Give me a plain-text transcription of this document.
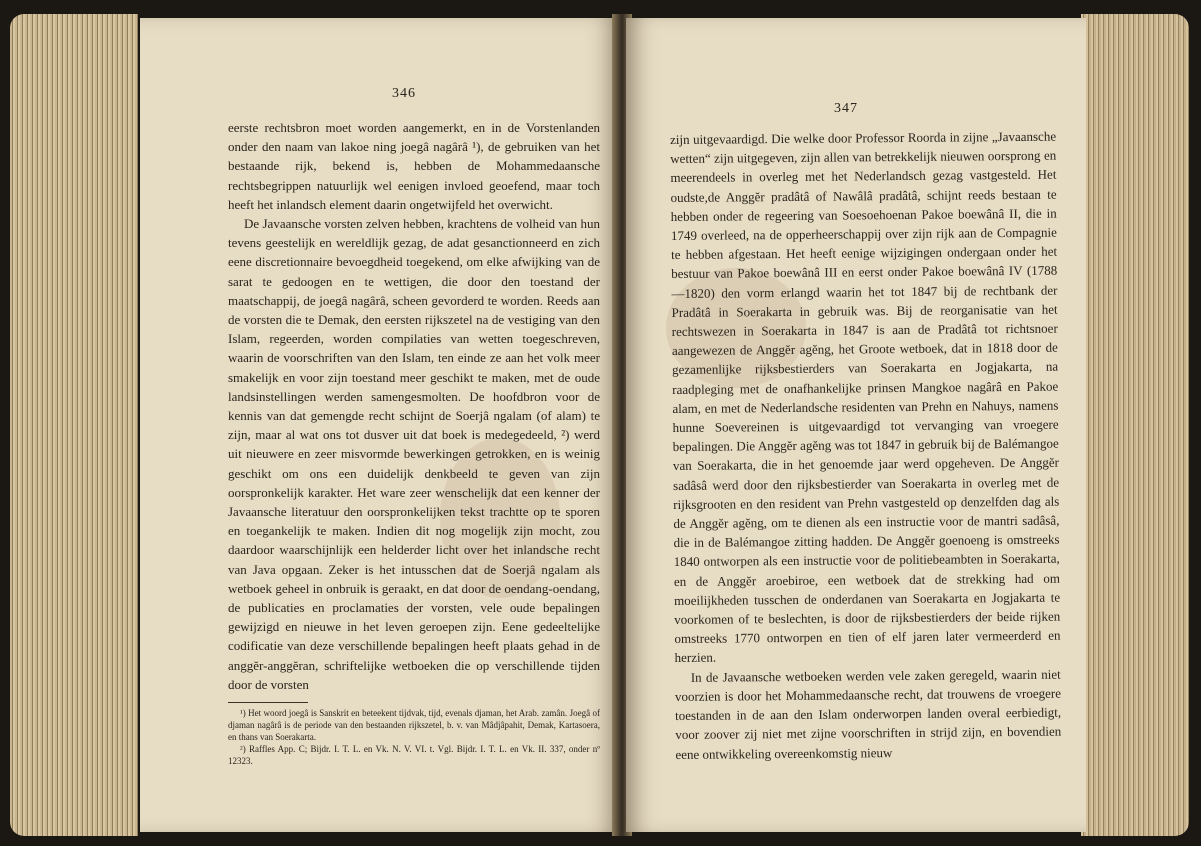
346

eerste rechtsbron moet worden aangemerkt, en in de Vorstenlanden onder den naam van lakoe ning joegâ nagârâ ¹), de gebruiken van het bestaande rijk, bekend is, hebben de Mohammedaansche rechtsbegrippen natuurlijk wel eenigen invloed geoefend, maar toch heeft het inlandsch element daarin ongetwijfeld het overwicht.

De Javaansche vorsten zelven hebben, krachtens de volheid van hun tevens geestelijk en wereldlijk gezag, de adat gesanctionneerd en zich eene discretionnaire bevoegdheid toegekend, om elke afwijking van de sarat te gedoogen en te wettigen, die door den toestand der maatschappij, de joegâ nagârâ, scheen gevorderd te worden. Reeds aan de vorsten die te Demak, den eersten rijkszetel na de vestiging van den Islam, regeerden, worden compilaties van wetten toegeschreven, waarin de voorschriften van den Islam, ten einde ze aan het volk meer smakelijk en voor zijn toestand meer geschikt te maken, met de oude landsinstellingen werden samengesmolten. De hoofdbron voor de kennis van dat gemengde recht schijnt de Soerjâ ngalam (of alam) te zijn, maar al wat ons tot dusver uit dat boek is medegedeeld, ²) werd uit nieuwere en zeer misvormde bewerkingen getrokken, en is weinig geschikt om ons een duidelijk denkbeeld te geven van zijn oorspronkelijk karakter. Het ware zeer wenschelijk dat een kenner der Javaansche literatuur den oorspronkelijken tekst trachtte op te sporen en toegankelijk te maken. Indien dit nog mogelijk zijn mocht, zou daardoor waarschijnlijk een helderder licht over het inlandsche recht van Java opgaan. Zeker is het intusschen dat de Soerjâ ngalam als wetboek geheel in onbruik is geraakt, en dat door de oendang-oendang, de publicaties en proclamaties der vorsten, vele oude bepalingen gewijzigd en nieuwe in het leven geroepen zijn. Eene gedeeltelijke codificatie van deze verschillende bepalingen heeft plaats gehad in de anggĕr-anggĕran, schriftelijke wetboeken die op verschillende tijden door de vorsten

¹) Het woord joegâ is Sanskrit en beteekent tijdvak, tijd, evenals djaman, het Arab. zamân. Joegâ of djaman nagârâ is de periode van den bestaanden rijkszetel, b. v. van Mâdjâpahit, Demak, Kartasoera, en thans van Soerakarta.

²) Raffles App. C; Bijdr. I. T. L. en Vk. N. V. VI. t. Vgl. Bijdr. I. T. L. en Vk. II. 337, onder nº 12323.

347

zijn uitgevaardigd. Die welke door Professor Roorda in zijne „Javaansche wetten“ zijn uitgegeven, zijn allen van betrekkelijk nieuwen oorsprong en meerendeels in overleg met het Nederlandsch gezag vastgesteld. Het oudste,de Anggĕr pradâtâ of Nawâlâ pradâtâ, schijnt reeds bestaan te hebben onder de regeering van Soesoehoenan Pakoe boewânâ II, die in 1749 overleed, na de opperheerschappij over zijn rijk aan de Compagnie te hebben afgestaan. Het heeft eenige wijzigingen ondergaan onder het bestuur van Pakoe boewânâ III en eerst onder Pakoe boewânâ IV (1788 —1820) den vorm erlangd waarin het tot 1847 bij de rechtbank der Pradâtâ in Soerakarta in gebruik was. Bij de reorganisatie van het rechtswezen in Soerakarta in 1847 is aan de Pradâtâ tot richtsnoer aangewezen de Anggĕr agĕng, het Groote wetboek, dat in 1818 door de gezamenlijke rijksbestierders van Soerakarta en Jogjakarta, na raadpleging met de onafhankelijke prinsen Mangkoe nagârâ en Pakoe alam, en met de Nederlandsche residenten van Prehn en Nahuys, namens hunne Soevereinen is uitgevaardigd tot vervanging van vroegere bepalingen. Die Anggĕr agĕng was tot 1847 in gebruik bij de Balémangoe van Soerakarta, die in het genoemde jaar werd opgeheven. De Anggĕr sadâsâ werd door den rijksbestierder van Soerakarta in overleg met de rijksgrooten en den resident van Prehn vastgesteld op denzelfden dag als de Anggĕr agĕng, om te dienen als een instructie voor de mantri sadâsâ, die in de Balémangoe zitting hadden. De Anggĕr goenoeng is omstreeks 1840 ontworpen als een instructie voor de politiebeambten in Soerakarta, en de Anggĕr aroebiroe, een wetboek dat de strekking had om moeilijkheden tusschen de onderdanen van Soerakarta en Jogjakarta te voorkomen of te beslechten, is door de rijksbestierders der beide rijken omstreeks 1770 ontworpen en tien of elf jaren later vermeerderd en herzien.

In de Javaansche wetboeken werden vele zaken geregeld, waarin niet voorzien is door het Mohammedaansche recht, dat trouwens de vroegere toestanden in de aan den Islam onderworpen landen overal eerbiedigt, voor zoover zij niet met zijne voorschriften in strijd zijn, en bovendien eene ontwikkeling overeenkomstig nieuw
